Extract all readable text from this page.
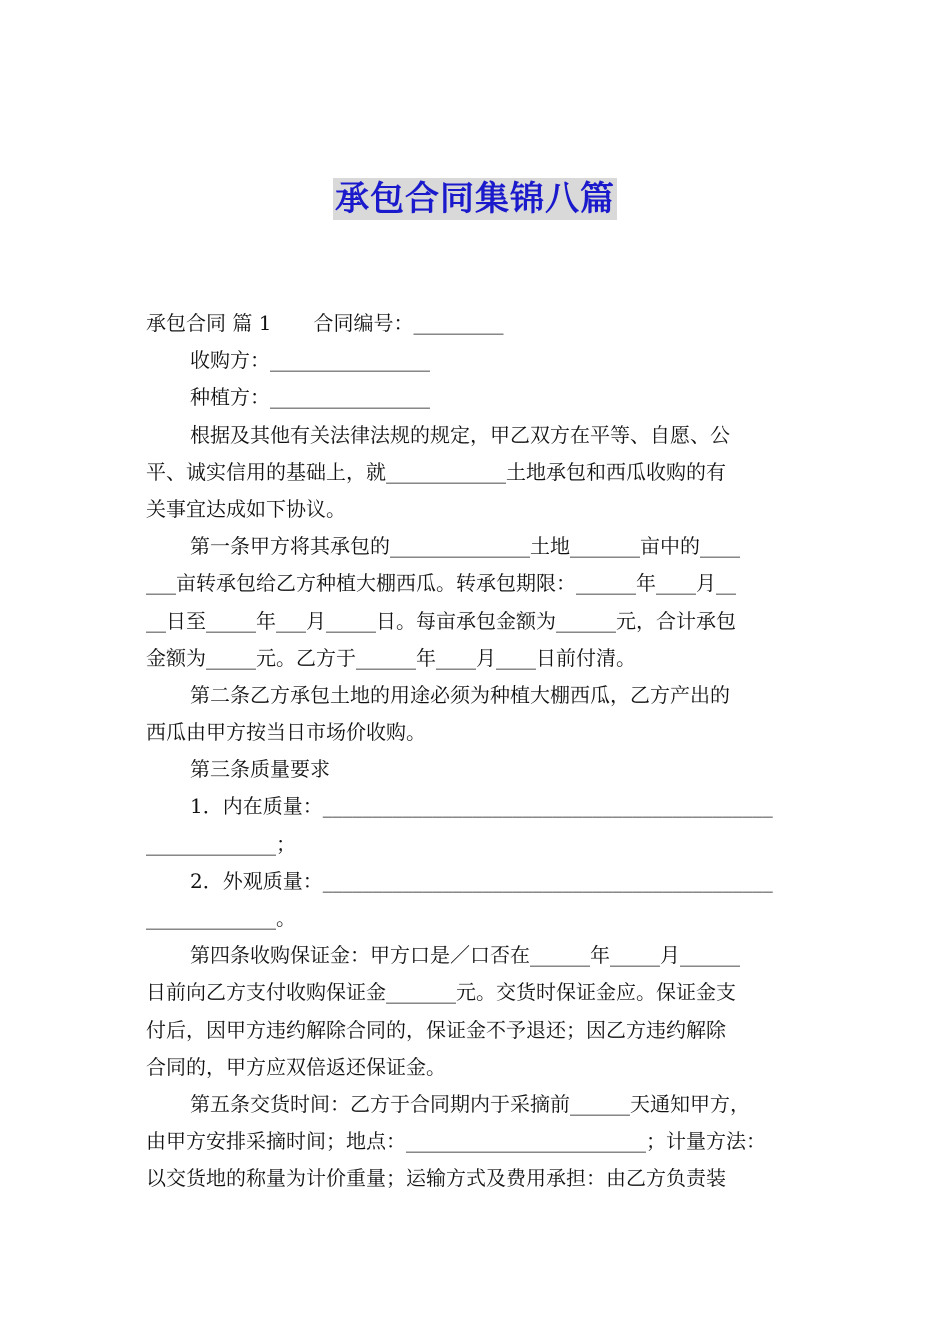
承包合同集锦八篇
承包合同 篇 1 合同编号：_________
收购方：________________
种植方：________________
根据及其他有关法律法规的规定，甲乙双方在平等、自愿、公
平、诚实信用的基础上，就____________土地承包和西瓜收购的有
关事宜达成如下协议。
第一条甲方将其承包的______________土地_______亩中的____
___亩转承包给乙方种植大棚西瓜。转承包期限：______年____月__
__日至_____年___月_____日。每亩承包金额为______元，合计承包
金额为_____元。乙方于______年____月____日前付清。
第二条乙方承包土地的用途必须为种植大棚西瓜，乙方产出的
西瓜由甲方按当日市场价收购。
第三条质量要求
1．内在质量：_____________________________________________
_____________；
2．外观质量：_____________________________________________
_____________。
第四条收购保证金：甲方口是／口否在______年_____月______
日前向乙方支付收购保证金_______元。交货时保证金应。保证金支
付后，因甲方违约解除合同的，保证金不予退还；因乙方违约解除
合同的，甲方应双倍返还保证金。
第五条交货时间：乙方于合同期内于采摘前______天通知甲方，
由甲方安排采摘时间；地点：________________________；计量方法：
以交货地的称量为计价重量；运输方式及费用承担：由乙方负责装
